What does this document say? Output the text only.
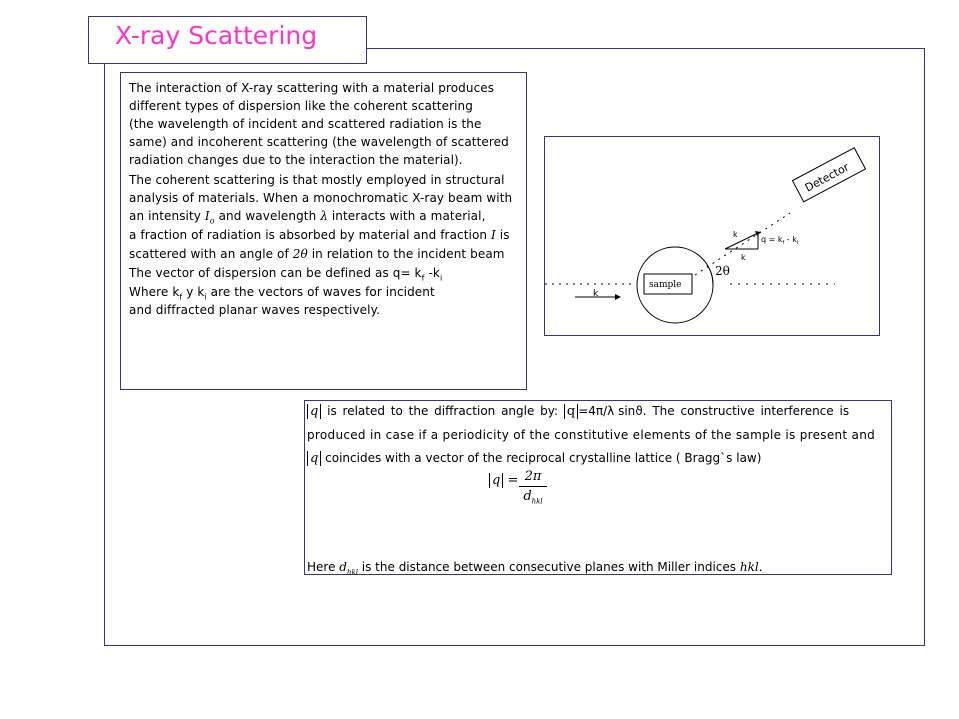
X-ray Scattering
The interaction of X-ray scattering with a material produces
different types of dispersion like the coherent scattering
(the wavelength of incident and scattered radiation is the
same) and incoherent scattering (the wavelength of scattered
radiation changes due to the interaction the material).
The coherent scattering is that mostly employed in structural
analysis of materials. When a monochromatic X-ray beam with
an intensity $I_o$ and wavelength λ interacts with a material,
a fraction of radiation is absorbed by material and fraction I is
scattered with an angle of 2θ in relation to the incident beam
The vector of dispersion can be defined as $q= k_f$ $-k_i$
Where $k_f$ y $k_i$ are the vectors of waves for incident
and diffracted planar waves respectively.
k
sample
2θ
k
k
$q = k_f - k_i$
Detector
q is related to the diffraction angle by: q =4π/λ sinϑ. The constructive interference is
produced in case if a periodicity of the constitutive elements of the sample is present and
q coincides with a vector of the reciprocal crystalline lattice ( Bragg`s law)
q = 2π
$d_{hkl}$
Here $d_{hkl}$ is the distance between consecutive planes with Miller indices hkl.
